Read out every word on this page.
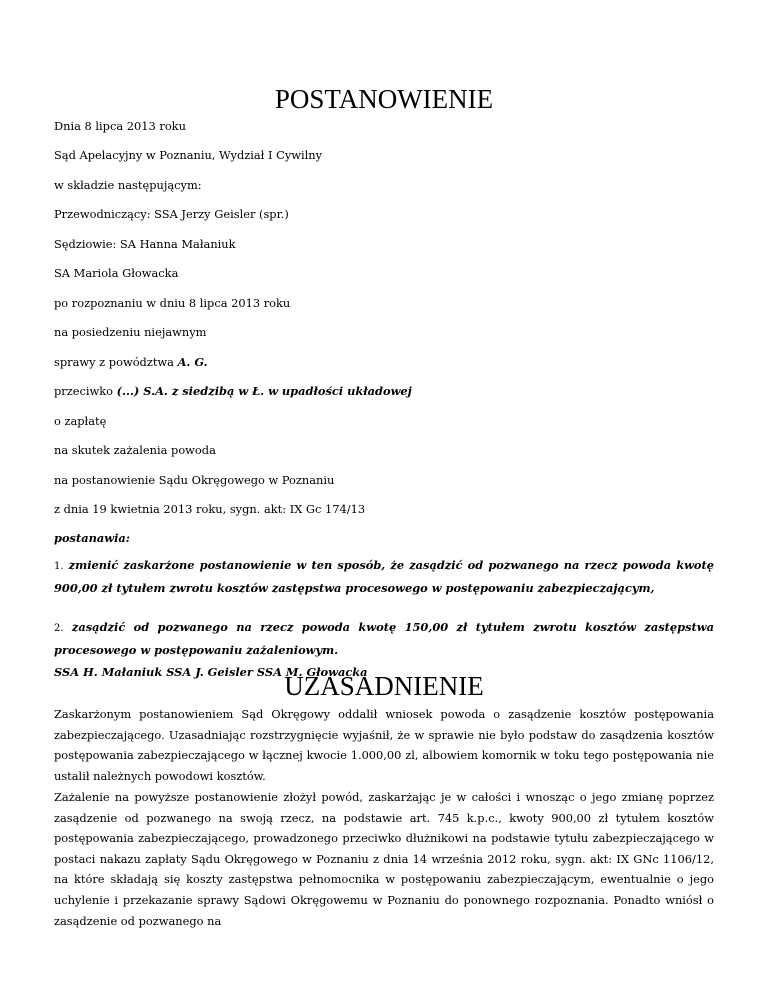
POSTANOWIENIE
Dnia 8 lipca 2013 roku
Sąd Apelacyjny w Poznaniu, Wydział I Cywilny
w składzie następującym:
Przewodniczący: SSA Jerzy Geisler (spr.)
Sędziowie: SA Hanna Małaniuk
SA Mariola Głowacka
po rozpoznaniu w dniu 8 lipca 2013 roku
na posiedzeniu niejawnym
sprawy z powództwa A. G.
przeciwko (...) S.A. z siedzibą w Ł. w upadłości układowej
o zapłatę
na skutek zażalenia powoda
na postanowienie Sądu Okręgowego w Poznaniu
z dnia 19 kwietnia 2013 roku, sygn. akt: IX Gc 174/13
postanawia:
1. zmienić zaskarżone postanowienie w ten sposób, że zasądzić od pozwanego na rzecz powoda kwotę 900,00 zł tytułem zwrotu kosztów zastępstwa procesowego w postępowaniu zabezpieczającym,
2. zasądzić od pozwanego na rzecz powoda kwotę 150,00 zł tytułem zwrotu kosztów zastępstwa procesowego w postępowaniu zażaleniowym.
SSA H. Małaniuk SSA J. Geisler SSA M. Głowacka
UZASADNIENIE
Zaskarżonym postanowieniem Sąd Okręgowy oddalił wniosek powoda o zasądzenie kosztów postępowania zabezpieczającego. Uzasadniając rozstrzygnięcie wyjaśnił, że w sprawie nie było podstaw do zasądzenia kosztów postępowania zabezpieczającego w łącznej kwocie 1.000,00 zl, albowiem komornik w toku tego postępowania nie ustalił należnych powodowi kosztów.
Zażalenie na powyższe postanowienie złożył powód, zaskarżając je w całości i wnosząc o jego zmianę poprzez zasądzenie od pozwanego na swoją rzecz, na podstawie art. 745 k.p.c., kwoty 900,00 zł tytułem kosztów postępowania zabezpieczającego, prowadzonego przeciwko dłużnikowi na podstawie tytułu zabezpieczającego w postaci nakazu zapłaty Sądu Okręgowego w Poznaniu z dnia 14 września 2012 roku, sygn. akt: IX GNc 1106/12, na które składają się koszty zastępstwa pełnomocnika w postępowaniu zabezpieczającym, ewentualnie o jego uchylenie i przekazanie sprawy Sądowi Okręgowemu w Poznaniu do ponownego rozpoznania. Ponadto wniósł o zasądzenie od pozwanego na
